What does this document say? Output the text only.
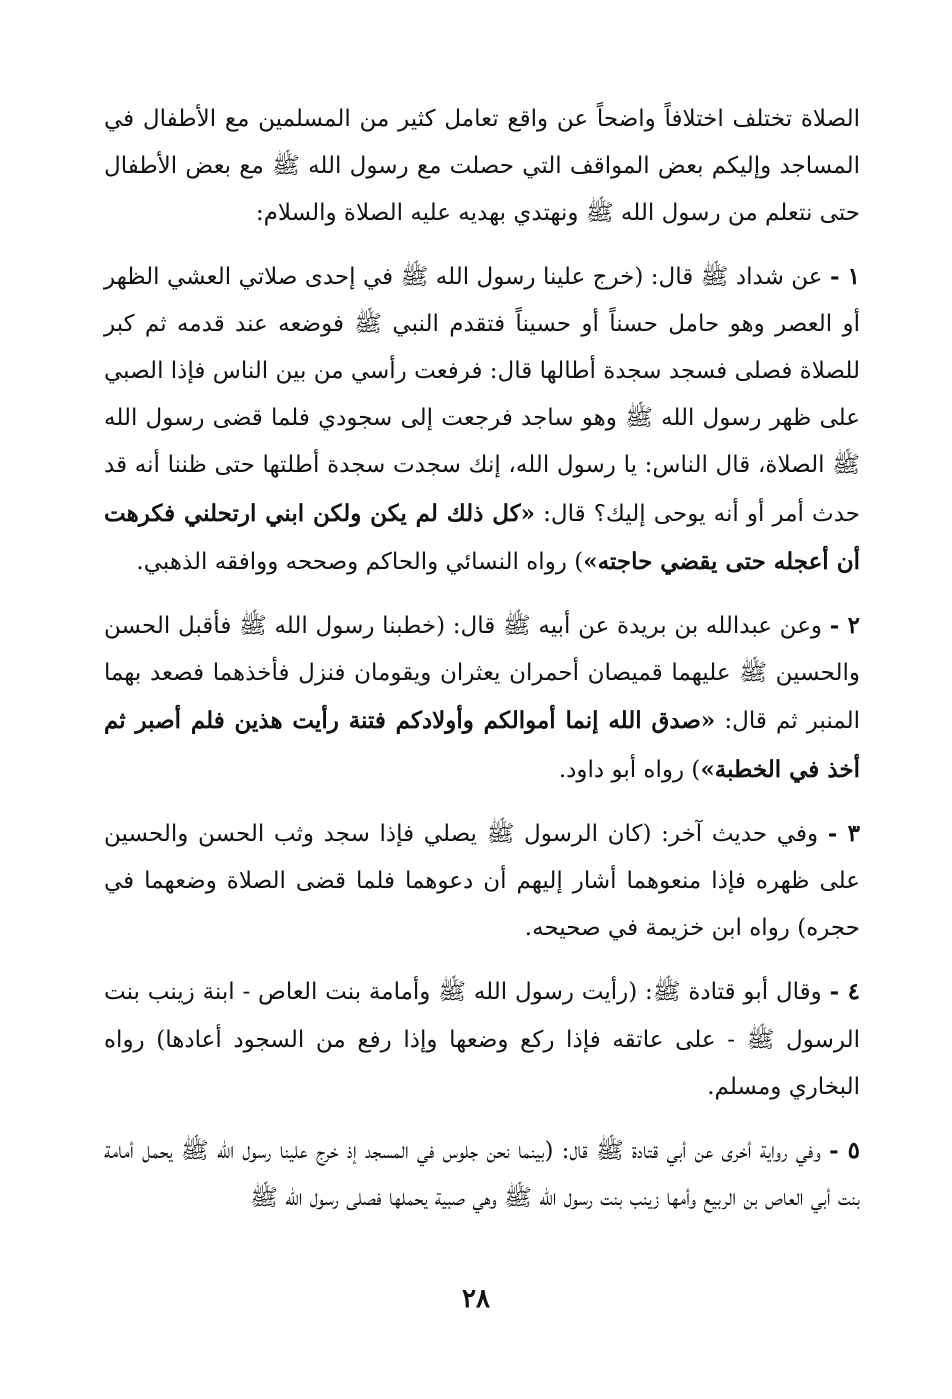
الصلاة تختلف اختلافاً واضحاً عن واقع تعامل كثير من المسلمين مع الأطفال في المساجد وإليكم بعض المواقف التي حصلت مع رسول الله ﷺ مع بعض الأطفال حتى نتعلم من رسول الله ﷺ ونهتدي بهديه عليه الصلاة والسلام:

١ - عن شداد ﷺ قال: (خرج علينا رسول الله ﷺ في إحدى صلاتي العشي الظهر أو العصر وهو حامل حسناً أو حسيناً فتقدم النبي ﷺ فوضعه عند قدمه ثم كبر للصلاة فصلى فسجد سجدة أطالها قال: فرفعت رأسي من بين الناس فإذا الصبي على ظهر رسول الله ﷺ وهو ساجد فرجعت إلى سجودي فلما قضى رسول الله ﷺ الصلاة، قال الناس: يا رسول الله، إنك سجدت سجدة أطلتها حتى ظننا أنه قد حدث أمر أو أنه يوحى إليك؟ قال: «كل ذلك لم يكن ولكن ابني ارتحلني فكرهت أن أعجله حتى يقضي حاجته») رواه النسائي والحاكم وصححه ووافقه الذهبي.

٢ - وعن عبدالله بن بريدة عن أبيه ﷺ قال: (خطبنا رسول الله ﷺ فأقبل الحسن والحسين ﷺ عليهما قميصان أحمران يعثران ويقومان فنزل فأخذهما فصعد بهما المنبر ثم قال: «صدق الله إنما أموالكم وأولادكم فتنة رأيت هذين فلم أصبر ثم أخذ في الخطبة») رواه أبو داود.

٣ - وفي حديث آخر: (كان الرسول ﷺ يصلي فإذا سجد وثب الحسن والحسين على ظهره فإذا منعوهما أشار إليهم أن دعوهما فلما قضى الصلاة وضعهما في حجره) رواه ابن خزيمة في صحيحه.

٤ - وقال أبو قتادة ﷺ: (رأيت رسول الله ﷺ وأمامة بنت العاص - ابنة زينب بنت الرسول ﷺ - على عاتقه فإذا ركع وضعها وإذا رفع من السجود أعادها) رواه البخاري ومسلم.

٥ - وفي رواية أخرى عن أبي قتادة ﷺ قال: (بينما نحن جلوس في المسجد إذ خرج علينا رسول الله ﷺ يحمل أمامة بنت أبي العاص بن الربيع وأمها زينب بنت رسول الله ﷺ وهي صبية يحملها فصلى رسول الله ﷺ

٢٨
